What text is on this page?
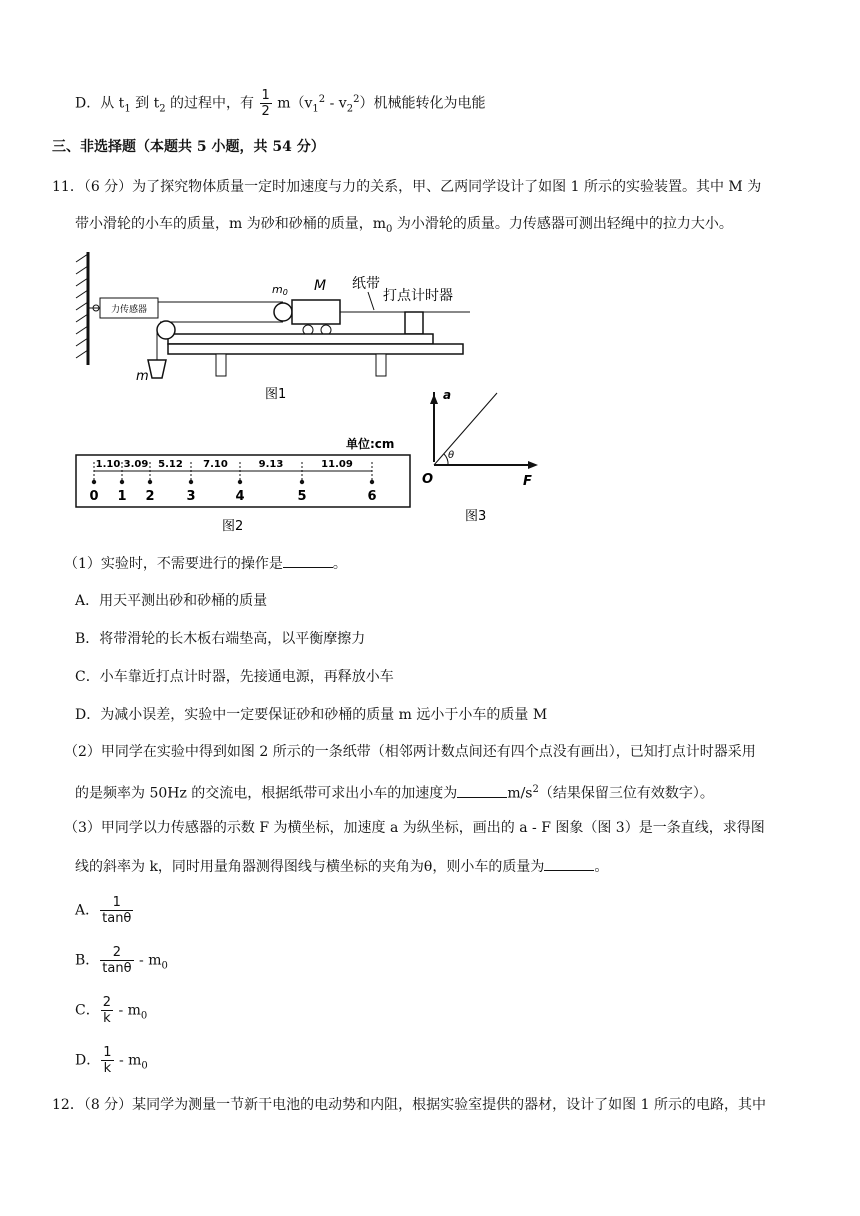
D．从 $t_1$ 到 $t_2$ 的过程中，有 $\frac{1}{2} m(v_1^2 - v_2^2)$机械能转化为电能
三、非选择题（本题共 5 小题，共 54 分）
11．（6 分）为了探究物体质量一定时加速度与力的关系，甲、乙两同学设计了如图 1 所示的实验装置。其中 M 为
带小滑轮的小车的质量，m 为砂和砂桶的质量，$m_0$ 为小滑轮的质量。力传感器可测出轻绳中的拉力大小。
力传感器
m0 M 纸带
打点计时器
m
图1
单位:cm
0 1 2 3	4	5	6
1.10 3.09 5.12 7.10	9.13	11.09
图2
a
O	F
θ
图3
（1）实验时，不需要进行的操作是	。
A．用天平测出砂和砂桶的质量
B．将带滑轮的长木板右端垫高，以平衡摩擦力
C．小车靠近打点计时器，先接通电源，再释放小车
D．为减小误差，实验中一定要保证砂和砂桶的质量 m 远小于小车的质量 M
（2）甲同学在实验中得到如图 2 所示的一条纸带（相邻两计数点间还有四个点没有画出），已知打点计时器采用
的是频率为 50Hz 的交流电，根据纸带可求出小车的加速度为	$m/s^2$（结果保留三位有效数字）。
（3）甲同学以力传感器的示数 F 为横坐标，加速度 a 为纵坐标，画出的 a - F 图象（图 3）是一条直线，求得图
线的斜率为 k，同时用量角器测得图线与横坐标的夹角为θ，则小车的质量为	。
A． $\frac{1}{\tan\theta}$
B． $\frac{2}{\tan\theta} - m_0$
C． $\frac{2}{k} - m_0$
D． $\frac{1}{k} - m_0$
12．（8 分）某同学为测量一节新干电池的电动势和内阻，根据实验室提供的器材，设计了如图 1 所示的电路，其中
